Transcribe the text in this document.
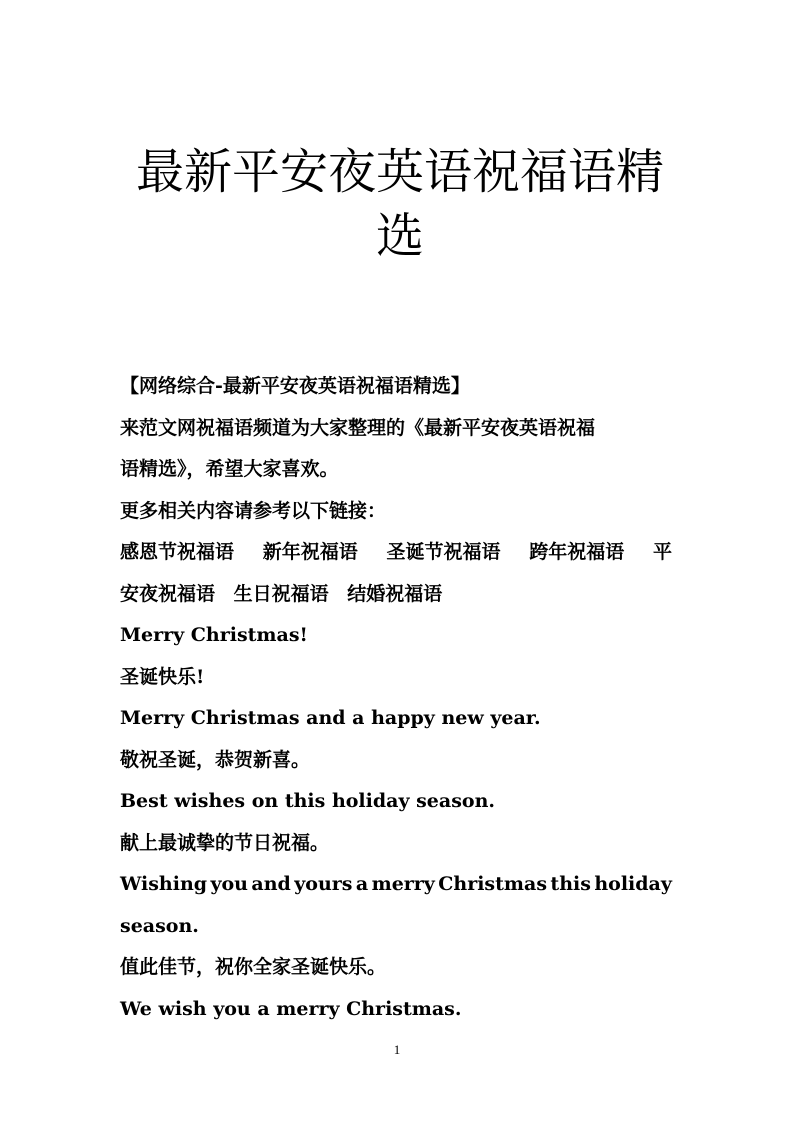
最新平安夜英语祝福语精选

【网络综合-最新平安夜英语祝福语精选】

来范文网祝福语频道为大家整理的《最新平安夜英语祝福

语精选》，希望大家喜欢。

更多相关内容请参考以下链接：

感恩节祝福语 新年祝福语 圣诞节祝福语 跨年祝福语 平
安夜祝福语 生日祝福语 结婚祝福语

Merry Christmas!

圣诞快乐!

Merry Christmas and a happy new year.

敬祝圣诞，恭贺新喜。

Best wishes on this holiday season.

献上最诚挚的节日祝福。

Wishing you and yours a merry Christmas this holiday

season.

值此佳节，祝你全家圣诞快乐。

We wish you a merry Christmas.

1
